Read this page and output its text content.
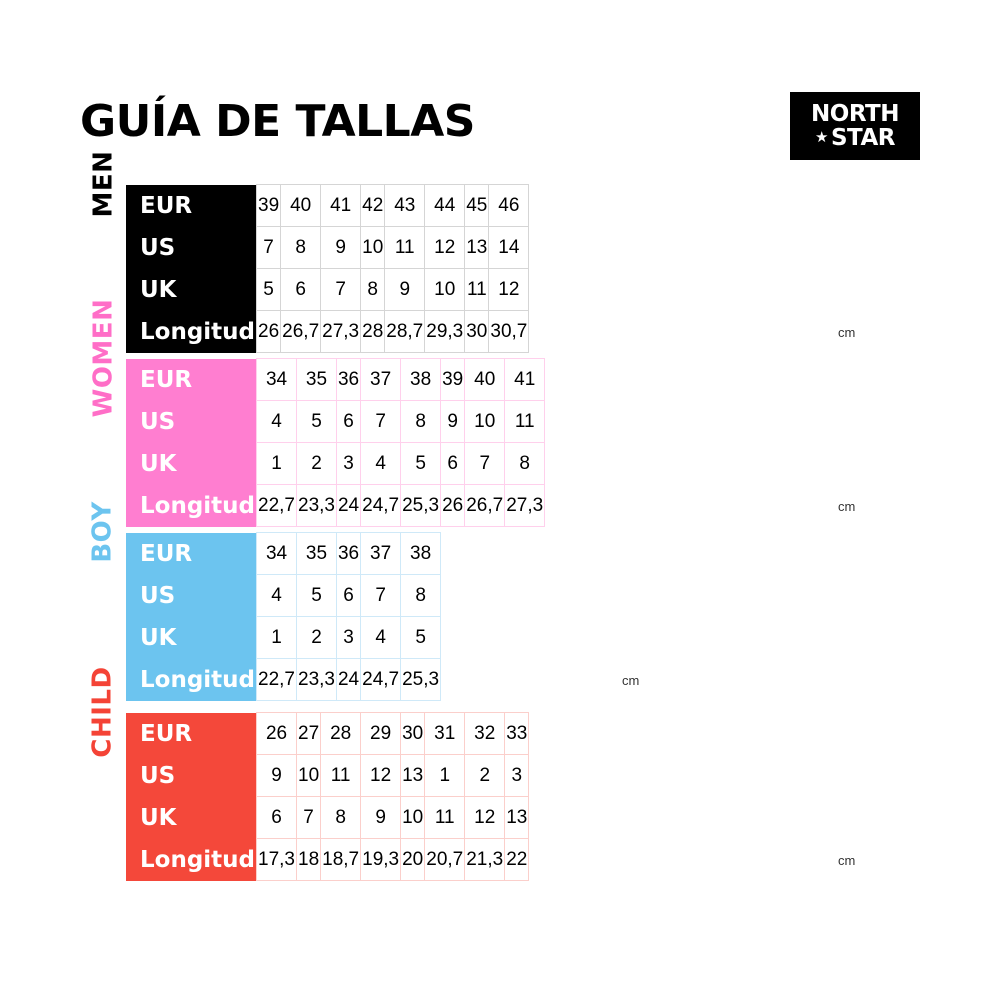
GUÍA DE TALLAS	NORTH
★ STAR
MEN EUR	39	40	41	42	43	44	45	46
US	7	8	9	10	11	12	13	14
UK	5	6	7	8	9	10	11	12
Longitud	26	26,7	27,3	28	28,7	29,3	30	30,7	cm
WOMEN EUR	34	35	36	37	38	39	40	41
US	4	5	6	7	8	9	10	11
UK	1	2	3	4	5	6	7	8
Longitud	22,7	23,3	24	24,7	25,3	26	26,7	27,3	cm
BOY EUR	34	35	36	37	38
US	4	5	6	7	8
UK	1	2	3	4	5
Longitud	22,7	23,3	24	24,7	25,3	cm
CHILD EUR	26	27	28	29	30	31	32	33
US	9	10	11	12	13	1	2	3
UK	6	7	8	9	10	11	12	13
Longitud	17,3	18	18,7	19,3	20	20,7	21,3	22	cm
